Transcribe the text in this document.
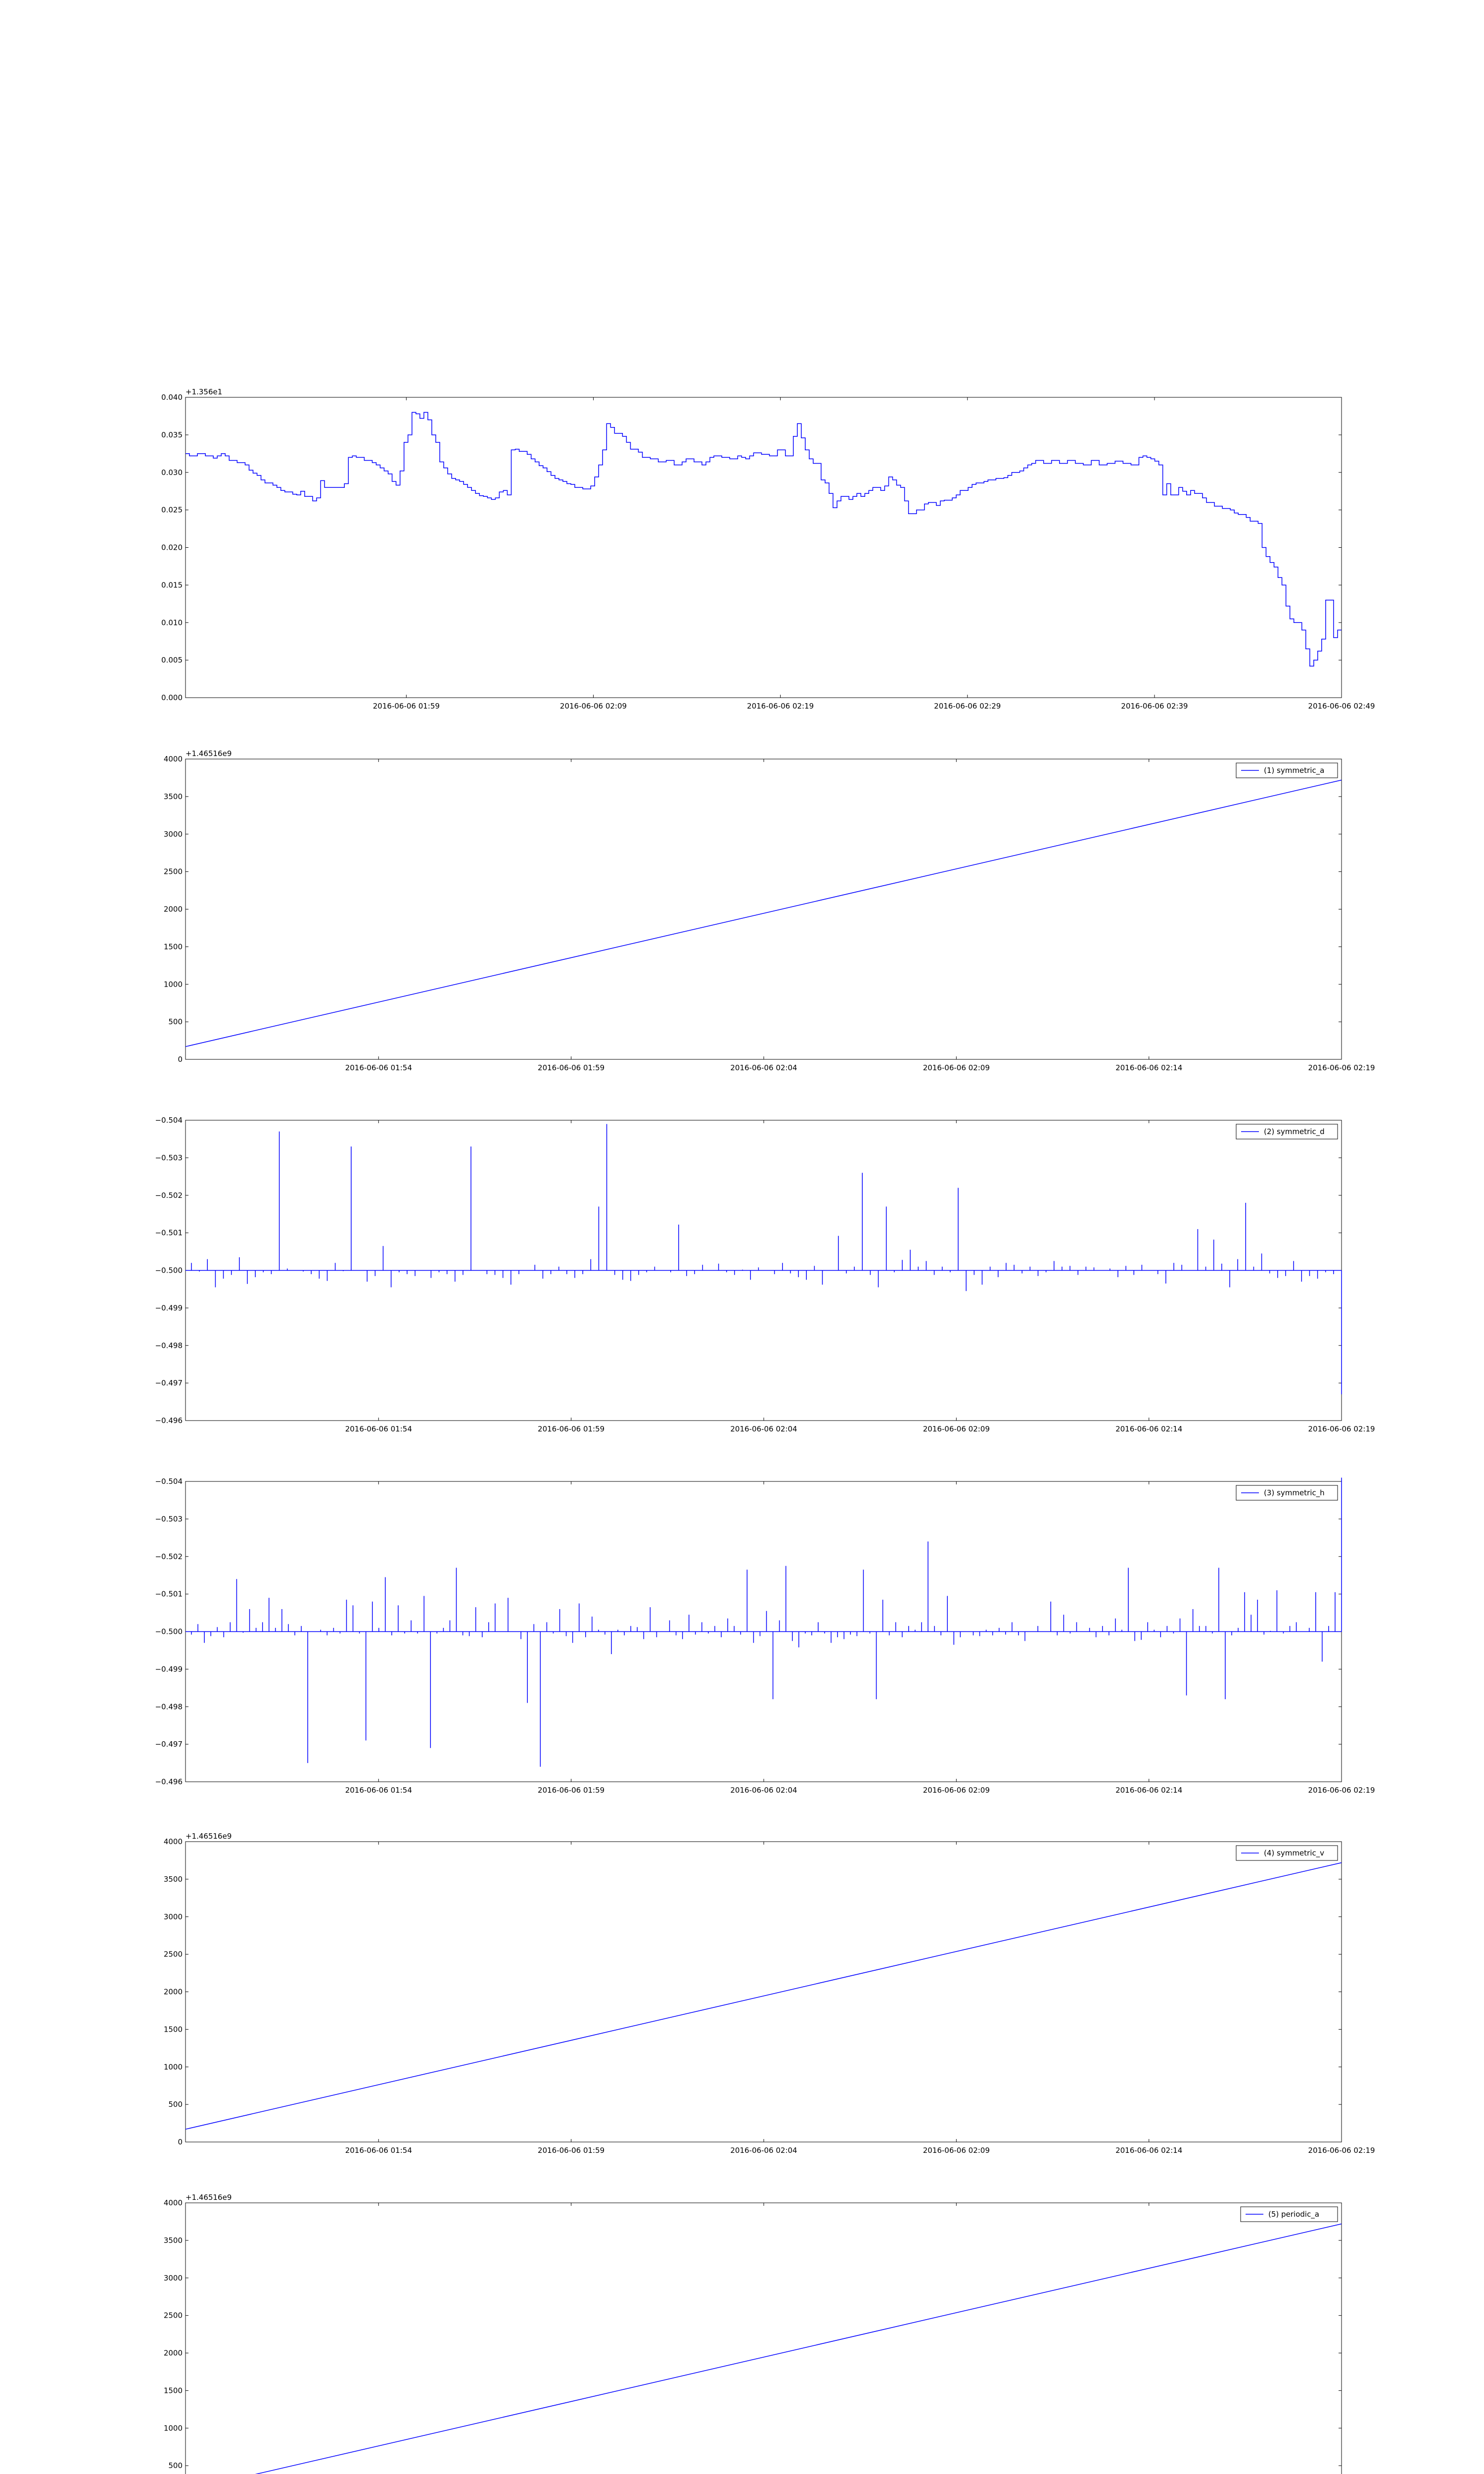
0.000
0.005
0.010
0.015
0.020
0.025
0.030
0.035
0.040
2016-06-06 01:59	2016-06-06 02:09	2016-06-06 02:19	2016-06-06 02:29	2016-06-06 02:39	2016-06-06 02:49
+1.356e1
0
500
1000
1500
2000
2500
3000
3500
4000
2016-06-06 01:54	2016-06-06 01:59	2016-06-06 02:04	2016-06-06 02:09	2016-06-06 02:14	2016-06-06 02:19
+1.46516e9
(1) symmetric_a
−0.496
−0.497
−0.498
−0.499
−0.500
−0.501
−0.502
−0.503
−0.504
2016-06-06 01:54	2016-06-06 01:59	2016-06-06 02:04	2016-06-06 02:09	2016-06-06 02:14	2016-06-06 02:19
(2) symmetric_d
−0.496
−0.497
−0.498
−0.499
−0.500
−0.501
−0.502
−0.503
−0.504
2016-06-06 01:54	2016-06-06 01:59	2016-06-06 02:04	2016-06-06 02:09	2016-06-06 02:14	2016-06-06 02:19
(3) symmetric_h
0
500
1000
1500
2000
2500
3000
3500
4000
2016-06-06 01:54	2016-06-06 01:59	2016-06-06 02:04	2016-06-06 02:09	2016-06-06 02:14	2016-06-06 02:19
+1.46516e9
(4) symmetric_v
500
1000
1500
2000
2500
3000
3500
4000
+1.46516e9
(5) periodic_a
